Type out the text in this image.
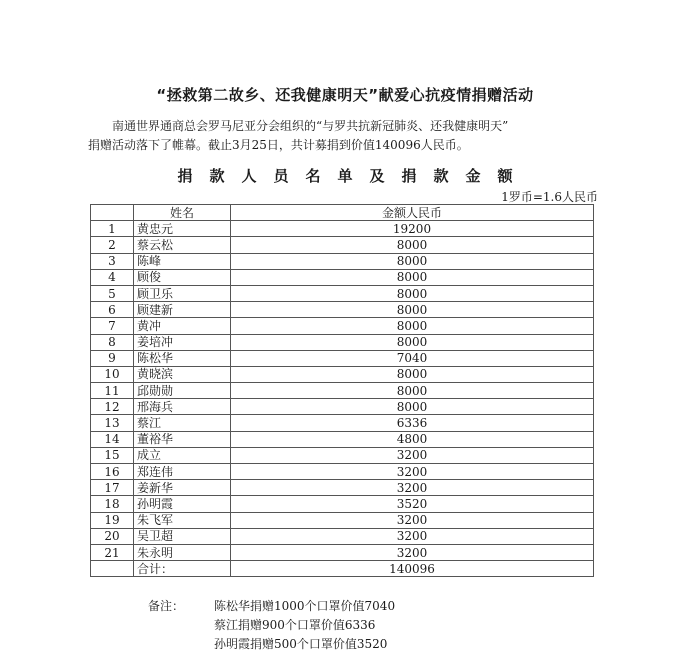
“拯救第二故乡、还我健康明天”献爱心抗疫情捐赠活动
南通世界通商总会罗马尼亚分会组织的“与罗共抗新冠肺炎、还我健康明天”
捐赠活动落下了帷幕。截止3月25日，共计募捐到价值140096人民币。
捐款人员名单及捐款金额
1罗币=1.6人民币
	姓名	金额人民币
1	黄忠元	19200
2	蔡云松	8000
3	陈峰	8000
4	顾俊	8000
5	顾卫乐	8000
6	顾建新	8000
7	黄冲	8000
8	姜培冲	8000
9	陈松华	7040
10	黄晓滨	8000
11	邱勋勋	8000
12	邢海兵	8000
13	蔡江	6336
14	董裕华	4800
15	成立	3200
16	郑连伟	3200
17	姜新华	3200
18	孙明霞	3520
19	朱飞军	3200
20	吴卫超	3200
21	朱永明	3200
	合计：	140096
备注： 陈松华捐赠1000个口罩价值7040
蔡江捐赠900个口罩价值6336
孙明霞捐赠500个口罩价值3520
